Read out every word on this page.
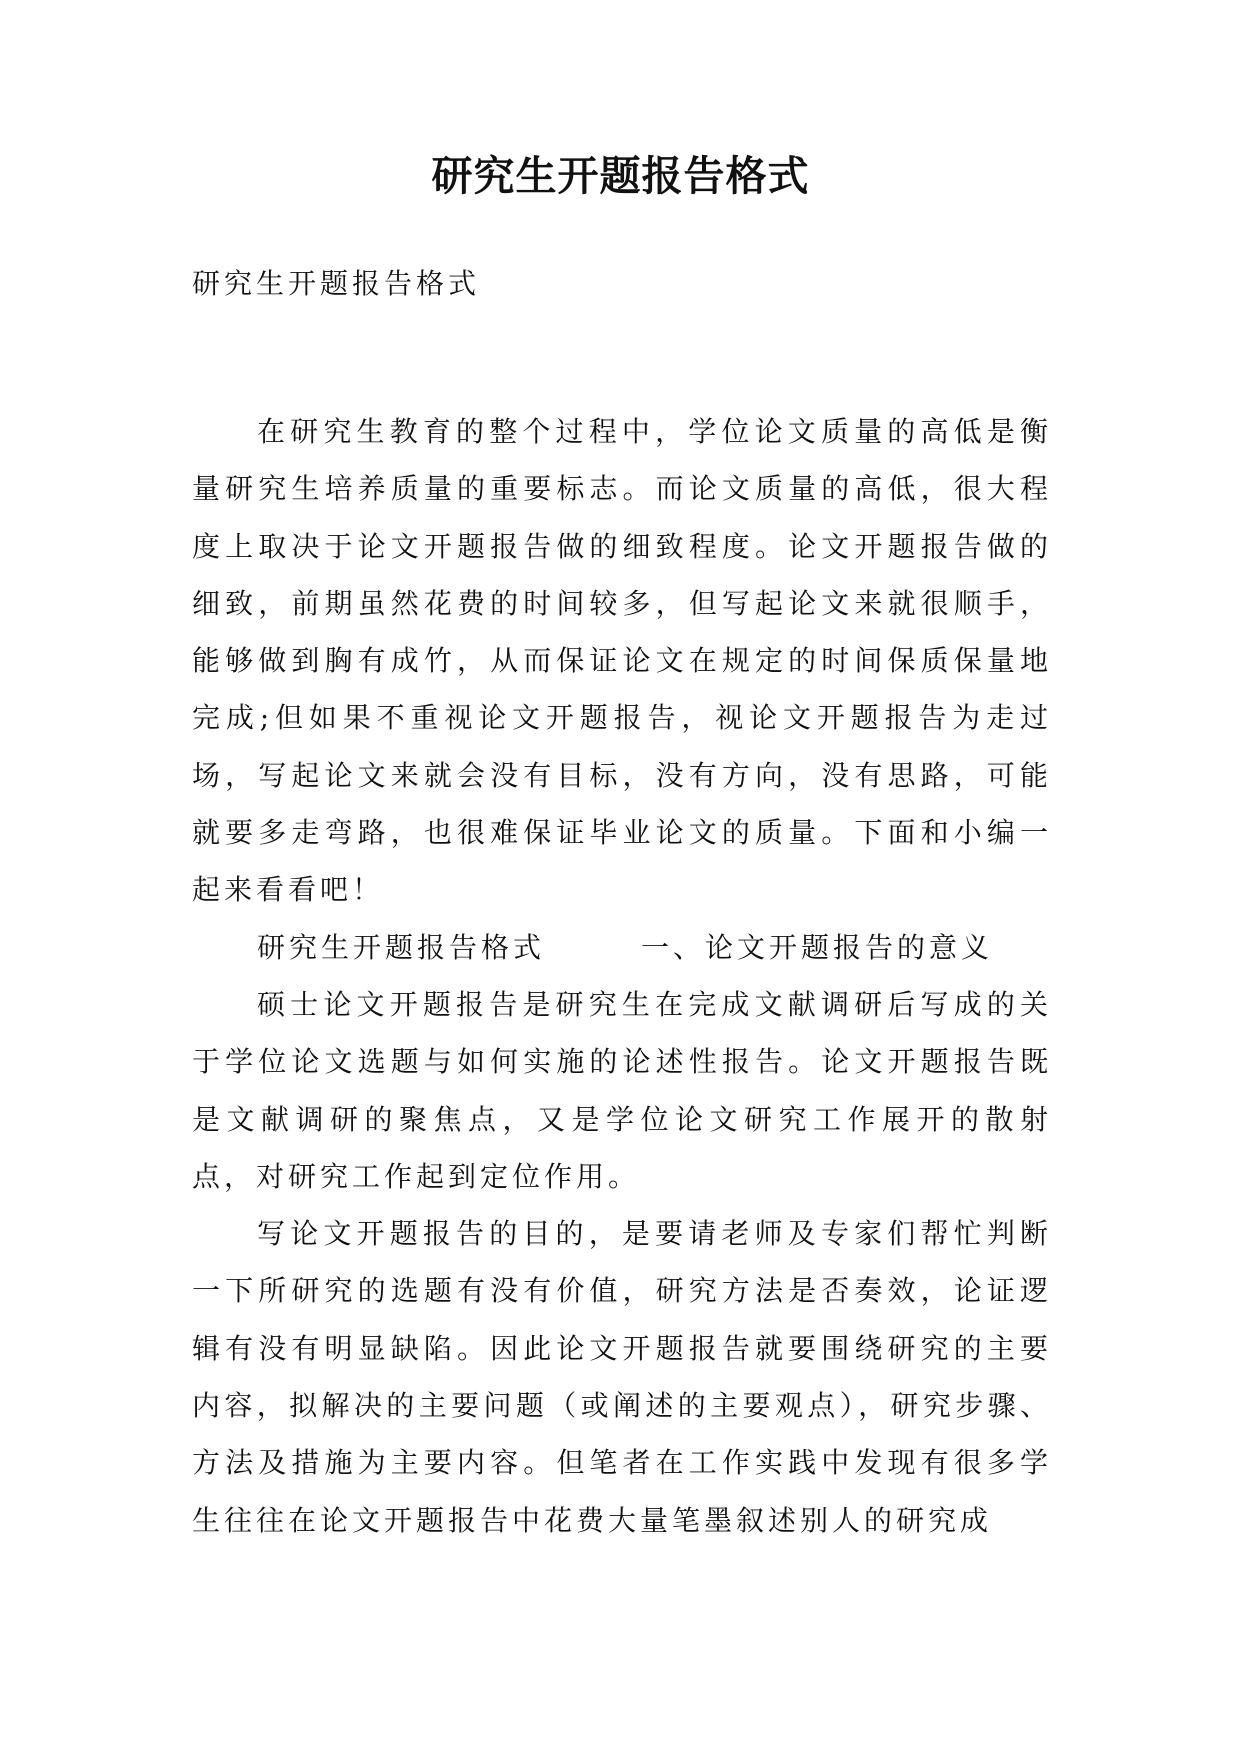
研究生开题报告格式

研究生开题报告格式

在研究生教育的整个过程中，学位论文质量的高低是衡量研究生培养质量的重要标志。而论文质量的高低，很大程度上取决于论文开题报告做的细致程度。论文开题报告做的细致，前期虽然花费的时间较多，但写起论文来就很顺手，能够做到胸有成竹，从而保证论文在规定的时间保质保量地完成;但如果不重视论文开题报告，视论文开题报告为走过场，写起论文来就会没有目标，没有方向，没有思路，可能就要多走弯路，也很难保证毕业论文的质量。下面和小编一起来看看吧！

研究生开题报告格式　　　一、论文开题报告的意义

硕士论文开题报告是研究生在完成文献调研后写成的关于学位论文选题与如何实施的论述性报告。论文开题报告既是文献调研的聚焦点，又是学位论文研究工作展开的散射点，对研究工作起到定位作用。

写论文开题报告的目的，是要请老师及专家们帮忙判断一下所研究的选题有没有价值，研究方法是否奏效，论证逻辑有没有明显缺陷。因此论文开题报告就要围绕研究的主要内容，拟解决的主要问题（或阐述的主要观点），研究步骤、方法及措施为主要内容。但笔者在工作实践中发现有很多学生往往在论文开题报告中花费大量笔墨叙述别人的研究成
